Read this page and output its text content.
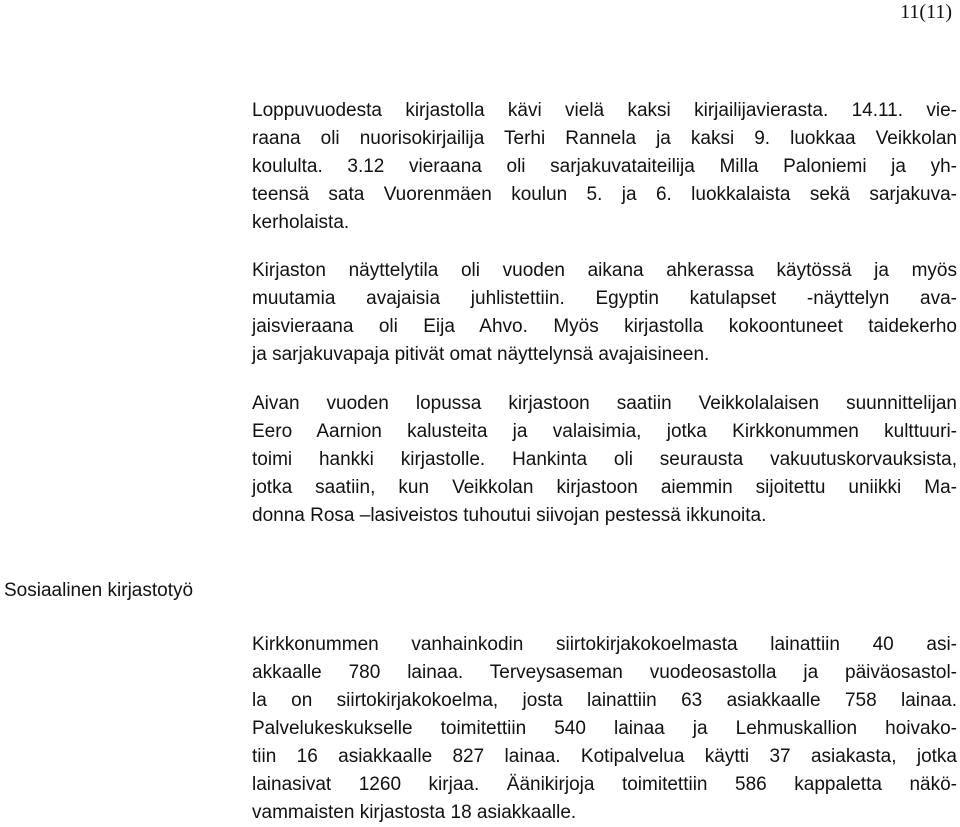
11(11)
Loppuvuodesta kirjastolla kävi vielä kaksi kirjailijavierasta. 14.11. vie-
raana oli nuorisokirjailija Terhi Rannela ja kaksi 9. luokkaa Veikkolan
koululta. 3.12 vieraana oli sarjakuvataiteilija Milla Paloniemi ja yh-
teensä sata Vuorenmäen koulun 5. ja 6. luokkalaista sekä sarjakuva-
kerholaista.
Kirjaston näyttelytila oli vuoden aikana ahkerassa käytössä ja myös
muutamia avajaisia juhlistettiin. Egyptin katulapset -näyttelyn ava-
jaisvieraana oli Eija Ahvo. Myös kirjastolla kokoontuneet taidekerho
ja sarjakuvapaja pitivät omat näyttelynsä avajaisineen.
Aivan vuoden lopussa kirjastoon saatiin Veikkolalaisen suunnittelijan
Eero Aarnion kalusteita ja valaisimia, jotka Kirkkonummen kulttuuri-
toimi hankki kirjastolle. Hankinta oli seurausta vakuutuskorvauksista,
jotka saatiin, kun Veikkolan kirjastoon aiemmin sijoitettu uniikki Ma-
donna Rosa –lasiveistos tuhoutui siivojan pestessä ikkunoita.
Sosiaalinen kirjastotyö
Kirkkonummen vanhainkodin siirtokirjakokoelmasta lainattiin 40 asi-
akkaalle 780 lainaa. Terveysaseman vuodeosastolla ja päiväosastol-
la on siirtokirjakokoelma, josta lainattiin 63 asiakkaalle 758 lainaa.
Palvelukeskukselle toimitettiin 540 lainaa ja Lehmuskallion hoivako-
tiin 16 asiakkaalle 827 lainaa. Kotipalvelua käytti 37 asiakasta, jotka
lainasivat 1260 kirjaa. Äänikirjoja toimitettiin 586 kappaletta näkö-
vammaisten kirjastosta 18 asiakkaalle.
